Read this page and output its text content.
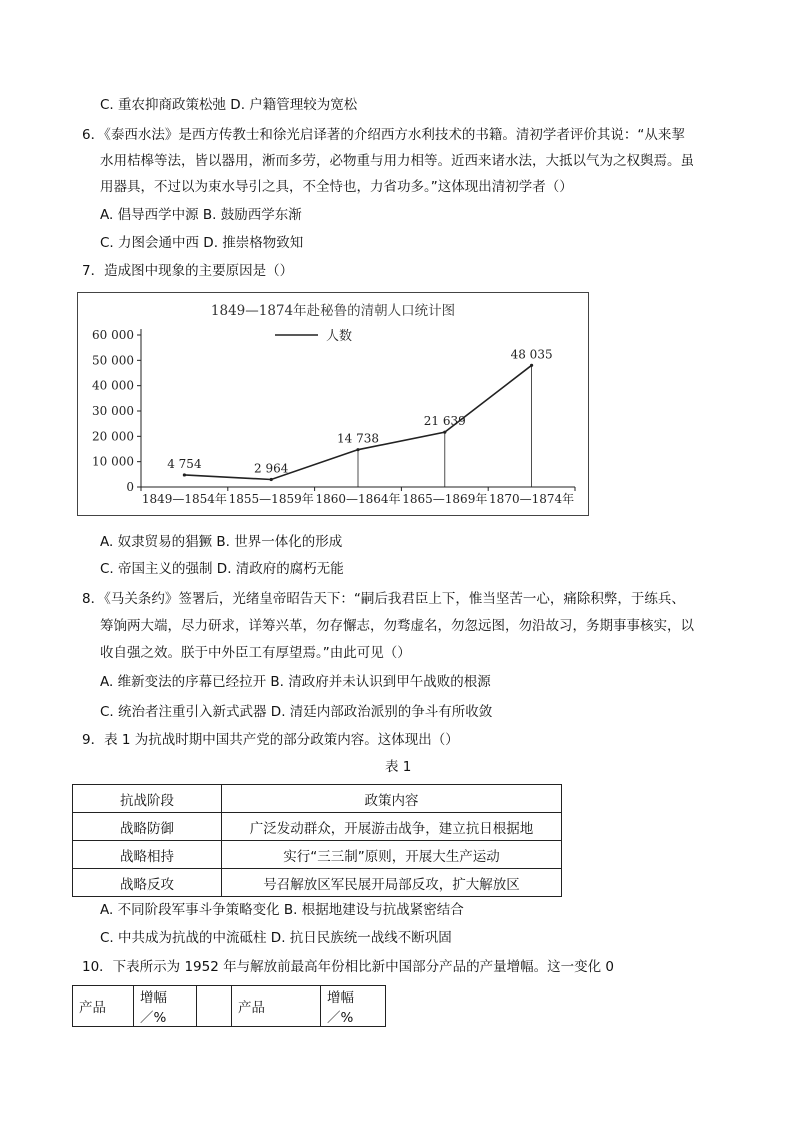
C. 重农抑商政策松弛 D. 户籍管理较为宽松
6．《泰西水法》是西方传教士和徐光启译著的介绍西方水利技术的书籍。清初学者评价其说：“从来挈
水用桔槔等法，皆以器用，淅而多劳，必物重与用力相等。近西来诸水法，大抵以气为之权舆焉。虽
用器具，不过以为束水导引之具，不全恃也，力省功多。”这体现出清初学者（）
A. 倡导西学中源 B. 鼓励西学东渐
C. 力图会通中西 D. 推崇格物致知
7．造成图中现象的主要原因是（）
1849—1874年赴秘鲁的清朝人口统计图
0
10 000
20 000
30 000
40 000
50 000
60 000
1849—1854年 1855—1859年 1860—1864年 1865—1869年 1870—1874年
4 754	2 964
14 738
21 639
48 035
人数
A. 奴隶贸易的猖獗 B. 世界一体化的形成
C. 帝国主义的强制 D. 清政府的腐朽无能
8．《马关条约》签署后，光绪皇帝昭告天下：“嗣后我君臣上下，惟当坚苦一心，痛除积弊，于练兵、
筹饷两大端，尽力研求，详筹兴革，勿存懈志，勿骛虚名，勿忽远图，勿沿故习，务期事事核实，以
收自强之效。朕于中外臣工有厚望焉。”由此可见（）
A. 维新变法的序幕已经拉开 B. 清政府并未认识到甲午战败的根源
C. 统治者注重引入新式武器 D. 清廷内部政治派别的争斗有所收敛
9．表 1 为抗战时期中国共产党的部分政策内容。这体现出（）
表 1
抗战阶段	政策内容
战略防御	广泛发动群众，开展游击战争，建立抗日根据地
战略相持	实行“三三制”原则，开展大生产运动
战略反攻	号召解放区军民展开局部反攻，扩大解放区
A. 不同阶段军事斗争策略变化 B. 根据地建设与抗战紧密结合
C. 中共成为抗战的中流砥柱 D. 抗日民族统一战线不断巩固
10．下表所示为 1952 年与解放前最高年份相比新中国部分产品的产量增幅。这一变化 0
产品	增幅／%		产品	增幅／%
